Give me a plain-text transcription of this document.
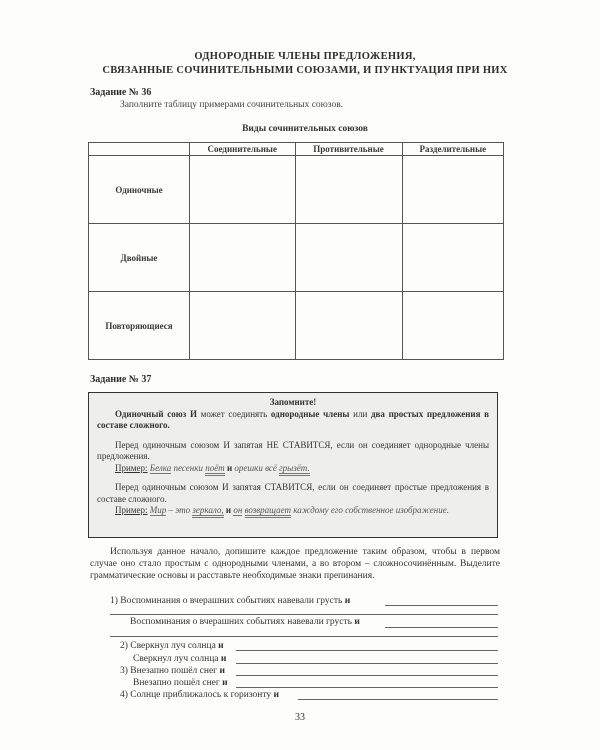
ОДНОРОДНЫЕ ЧЛЕНЫ ПРЕДЛОЖЕНИЯ,
СВЯЗАННЫЕ СОЧИНИТЕЛЬНЫМИ СОЮЗАМИ, И ПУНКТУАЦИЯ ПРИ НИХ
Задание № 36
Заполните таблицу примерами сочинительных союзов.
Виды сочинительных союзов
	Соединительные	Противительные	Разделительные
Одиночные			
Двойные			
Повторяющиеся			
Задание № 37

Запомните!

Одиночный союз И может соединять однородные члены или два простых предложения в составе сложного.

Перед одиночным союзом И запятая НЕ СТАВИТСЯ, если он соединяет однородные члены предложения.

Пример: Белка песенки поёт и орешки всё грызёт.

Перед одиночным союзом И запятая СТАВИТСЯ, если он соединяет простые предложения в составе сложного.

Пример: Мир – это зеркало, и он возвращает каждому его собственное изображение.

Используя данное начало, допишите каждое предложение таким образом, чтобы в первом случае оно стало простым с однородными членами, а во втором – сложносочинённым. Выделите грамматические основы и расставьте необходимые знаки препинания.
1) Воспоминания о вчерашних событиях навевали грусть и
Воспоминания о вчерашних событиях навевали грусть и
2) Сверкнул луч солнца и
Сверкнул луч солнца и
3) Внезапно пошёл снег и
Внезапно пошёл снег и
4) Солнце приближалось к горизонту и
33
